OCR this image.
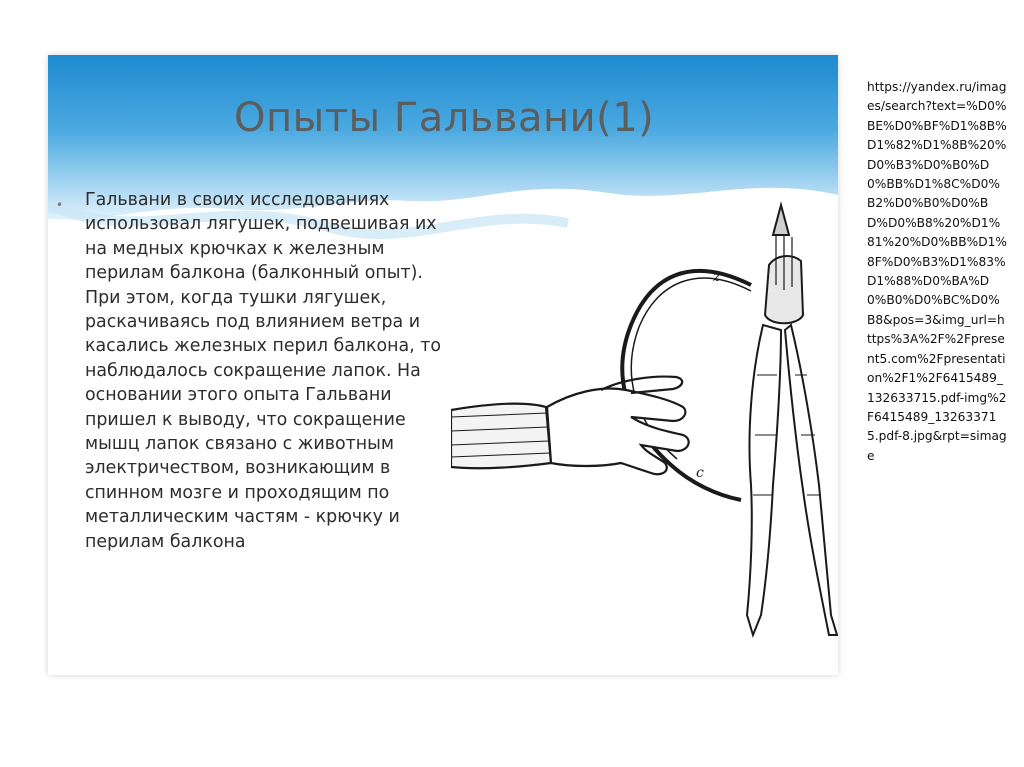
Опыты Гальвани(1)
• Гальвани в своих исследованиях использовал лягушек, подвешивая их на медных крючках к железным перилам балкона (балконный опыт). При этом, когда тушки лягушек, раскачиваясь под влиянием ветра и касались железных перил балкона, то наблюдалось сокращение лапок. На основании этого опыта Гальвани пришел к выводу, что сокращение мышц лапок связано с животным электричеством, возникающим в спинном мозге и проходящим по металлическим частям - крючку и перилам балкона

z
c

https://yandex.ru/images/search?text=%D0%BE%D0%BF%D1%8B%D1%82%D1%8B%20%D0%B3%D0%B0%D0%BB%D1%8C%D0%B2%D0%B0%D0%BD%D0%B8%20%D1%81%20%D0%BB%D1%8F%D0%B3%D1%83%D1%88%D0%BA%D0%B0%D0%BC%D0%B8&pos=3&img_url=https%3A%2F%2Fpresent5.com%2Fpresentation%2F1%2F6415489_132633715.pdf-img%2F6415489_132633715.pdf-8.jpg&rpt=simage
